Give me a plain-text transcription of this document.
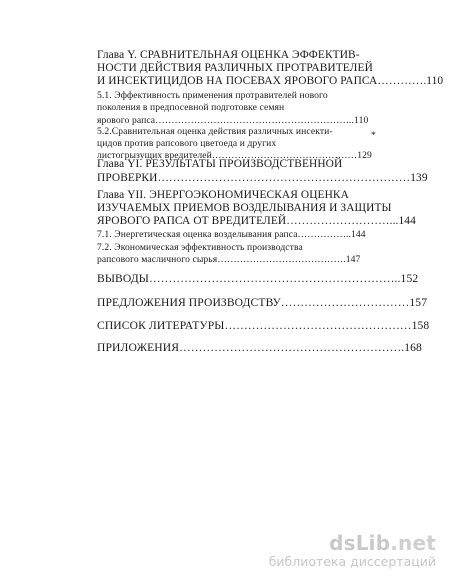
Глава Y. СРАВНИТЕЛЬНАЯ ОЦЕНКА ЭФФЕКТИВ-
НОСТИ ДЕЙСТВИЯ РАЗЛИЧНЫХ ПРОТРАВИТЕЛЕЙ
И ИНСЕКТИЦИДОВ НА ПОСЕВАХ ЯРОВОГО РАПСА………….110
5.1. Эффективность применения протравителей нового
поколения в предпосевной подготовке семян
ярового рапса……………………………………………………..110
5.2.Сравнительная оценка действия различных инсекти-
цидов против рапсового цветоеда и других
листогрызущих вредителей………………………………………129
*
Глава YI. РЕЗУЛЬТАТЫ ПРОИЗВОДСТВЕННОЙ
ПРОВЕРКИ…………………………………………………………139
Глава YII. ЭНЕРГОЭКОНОМИЧЕСКАЯ ОЦЕНКА
ИЗУЧАЕМЫХ ПРИЕМОВ ВОЗДЕЛЫВАНИЯ И ЗАЩИТЫ
ЯРОВОГО РАПСА ОТ ВРЕДИТЕЛЕЙ………………………...144
7.1. Энергетическая оценка возделывания рапса……………..144
7.2. Экономическая эффективность производства
рапсового масличного сырья………………………………….147
ВЫВОДЫ………………………………………………………..152
ПРЕДЛОЖЕНИЯ ПРОИЗВОДСТВУ……………………………157
СПИСОК ЛИТЕРАТУРЫ…………………………………………158
ПРИЛОЖЕНИЯ………………………………………………….168
dsLib.net
библиотека диссертаций
